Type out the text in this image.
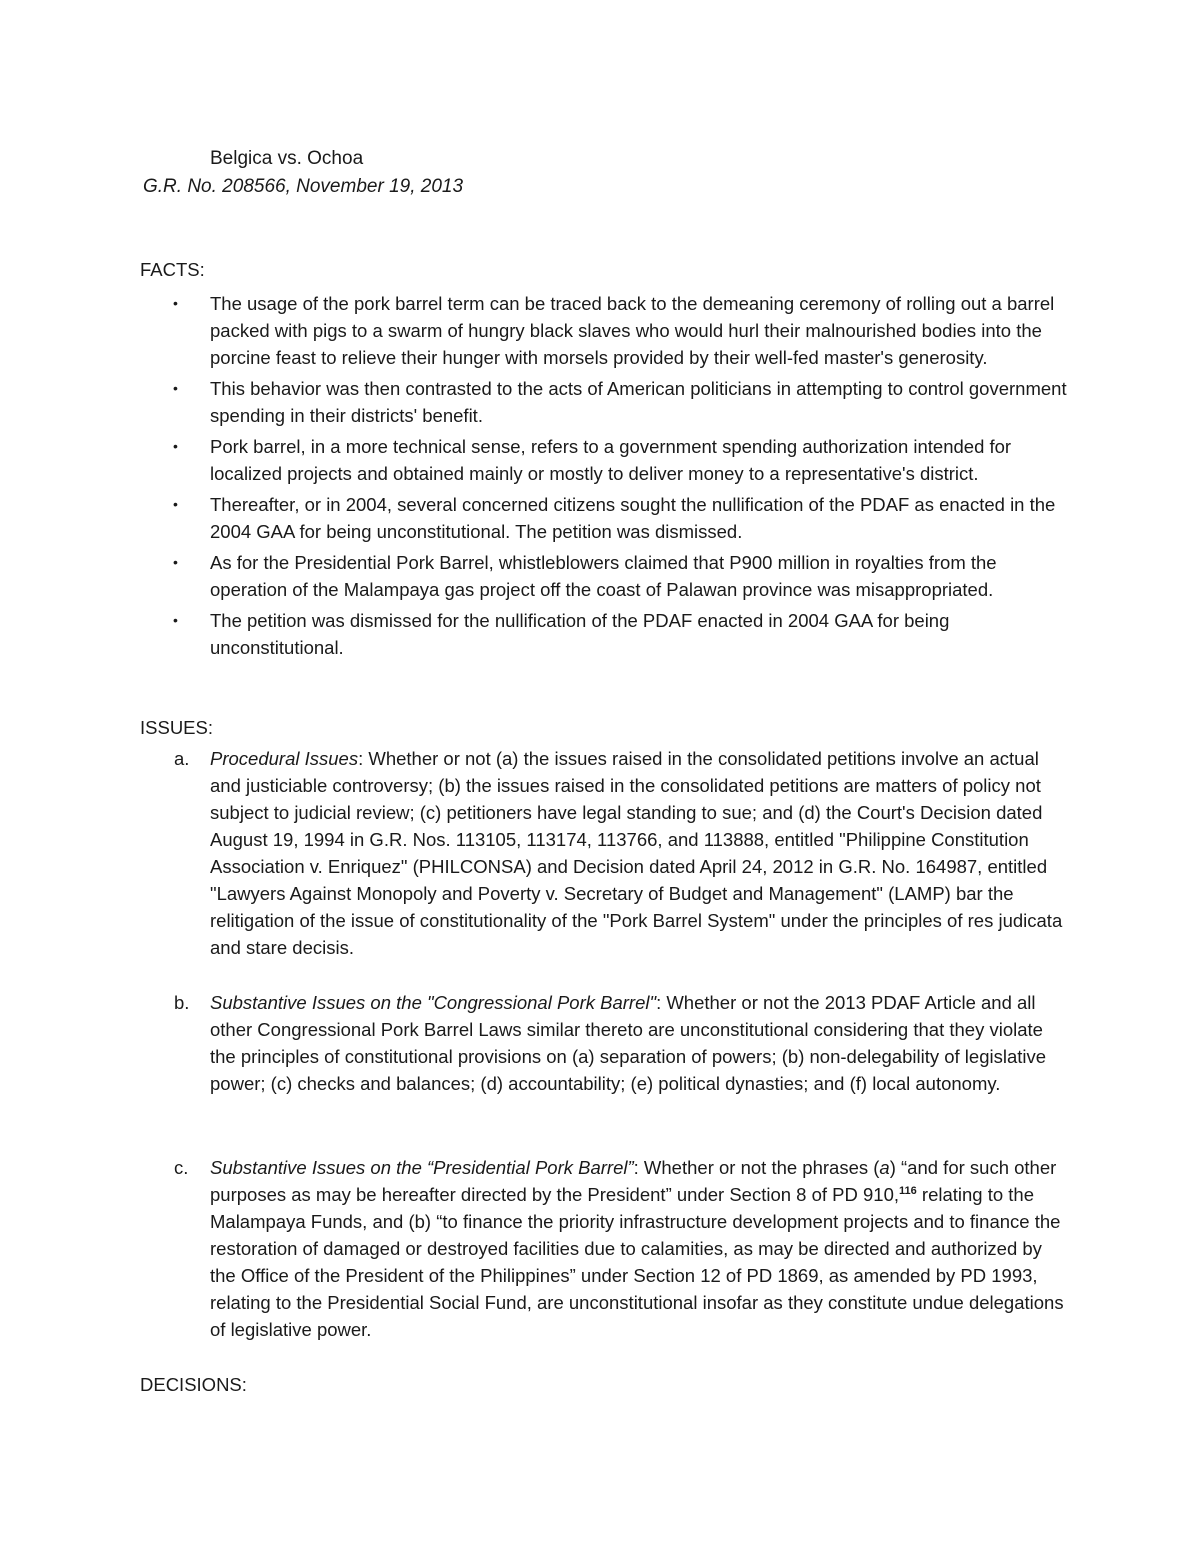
Belgica vs. Ochoa

G.R. No. 208566, November 19, 2013

FACTS:

• The usage of the pork barrel term can be traced back to the demeaning ceremony of rolling out a barrel packed with pigs to a swarm of hungry black slaves who would hurl their malnourished bodies into the porcine feast to relieve their hunger with morsels provided by their well-fed master's generosity.
• This behavior was then contrasted to the acts of American politicians in attempting to control government spending in their districts' benefit.
• Pork barrel, in a more technical sense, refers to a government spending authorization intended for localized projects and obtained mainly or mostly to deliver money to a representative's district.
• Thereafter, or in 2004, several concerned citizens sought the nullification of the PDAF as enacted in the 2004 GAA for being unconstitutional. The petition was dismissed.
• As for the Presidential Pork Barrel, whistleblowers claimed that P900 million in royalties from the operation of the Malampaya gas project off the coast of Palawan province was misappropriated.
• The petition was dismissed for the nullification of the PDAF enacted in 2004 GAA for being unconstitutional.

ISSUES:

a.	Procedural Issues: Whether or not (a) the issues raised in the consolidated petitions involve an actual and justiciable controversy; (b) the issues raised in the consolidated petitions are matters of policy not subject to judicial review; (c) petitioners have legal standing to sue; and (d) the Court's Decision dated August 19, 1994 in G.R. Nos. 113105, 113174, 113766, and 113888, entitled "Philippine Constitution Association v. Enriquez" (PHILCONSA) and Decision dated April 24, 2012 in G.R. No. 164987, entitled "Lawyers Against Monopoly and Poverty v. Secretary of Budget and Management" (LAMP) bar the relitigation of the issue of constitutionality of the "Pork Barrel System" under the principles of res judicata and stare decisis.

b.	Substantive Issues on the "Congressional Pork Barrel": Whether or not the 2013 PDAF Article and all other Congressional Pork Barrel Laws similar thereto are unconstitutional considering that they violate the principles of constitutional provisions on (a) separation of powers; (b) non-delegability of legislative power; (c) checks and balances; (d) accountability; (e) political dynasties; and (f) local autonomy.

c.	Substantive Issues on the “Presidential Pork Barrel”: Whether or not the phrases (a) “and for such other purposes as may be hereafter directed by the President” under Section 8 of PD 910,$^{116}$ relating to the Malampaya Funds, and (b) “to finance the priority infrastructure development projects and to finance the restoration of damaged or destroyed facilities due to calamities, as may be directed and authorized by the Office of the President of the Philippines” under Section 12 of PD 1869, as amended by PD 1993, relating to the Presidential Social Fund, are unconstitutional insofar as they constitute undue delegations of legislative power.

DECISIONS:
